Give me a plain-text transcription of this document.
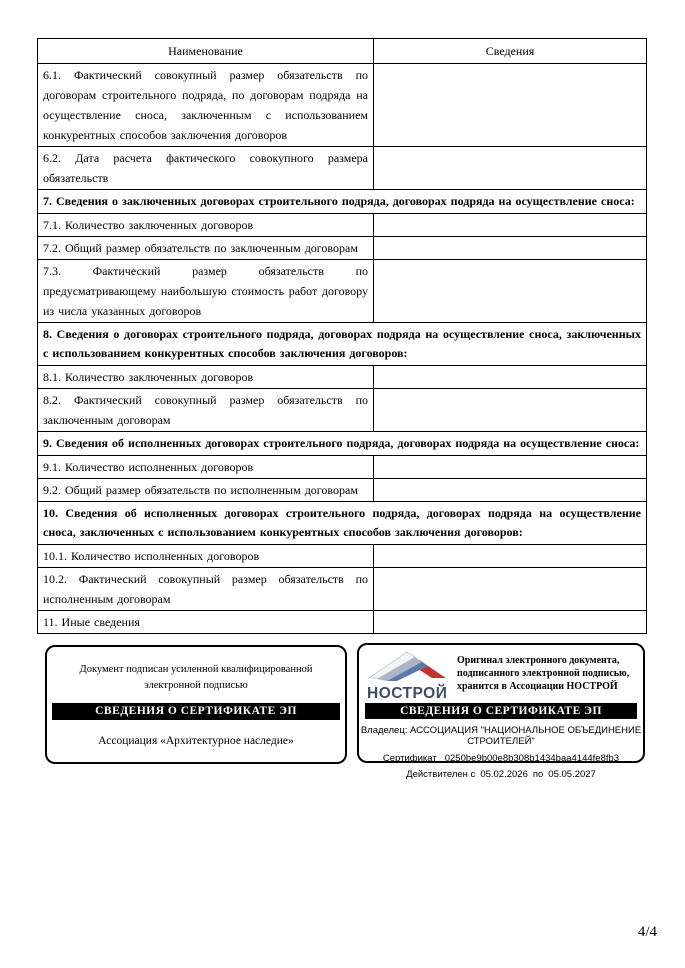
Наименование	Сведения
6.1. Фактический совокупный размер обязательств по договорам строительного подряда, по договорам подряда на осуществление сноса, заключенным с использованием конкурентных способов заключения договоров	
6.2. Дата расчета фактического совокупного размера обязательств	
7. Сведения о заключенных договорах строительного подряда, договорах подряда на осуществление сноса:	
7.1. Количество заключенных договоров	
7.2. Общий размер обязательств по заключенным договорам	
7.3. Фактический размер обязательств по предусматривающему наибольшую стоимость работ договору из числа указанных договоров	
8. Сведения о договорах строительного подряда, договорах подряда на осуществление сноса, заключенных с использованием конкурентных способов заключения договоров:	
8.1. Количество заключенных договоров	
8.2. Фактический совокупный размер обязательств по заключенным договорам	
9. Сведения об исполненных договорах строительного подряда, договорах подряда на осуществление сноса:	
9.1. Количество исполненных договоров	
9.2. Общий размер обязательств по исполненным договорам	
10. Сведения об исполненных договорах строительного подряда, договорах подряда на осуществление сноса, заключенных с использованием конкурентных способов заключения договоров:	
10.1. Количество исполненных договоров	
10.2. Фактический совокупный размер обязательств по исполненным договорам	
11. Иные сведения	
Документ подписан усиленной квалифицированной электронной подписью
СВЕДЕНИЯ О СЕРТИФИКАТЕ ЭП
Ассоциация «Архитектурное наследие»
НОСТРОЙ
Оригинал электронного документа, подписанного электронной подписью, хранится в Ассоциации НОСТРОЙ
СВЕДЕНИЯ О СЕРТИФИКАТЕ ЭП
Владелец: АССОЦИАЦИЯ "НАЦИОНАЛЬНОЕ ОБЪЕДИНЕНИЕ СТРОИТЕЛЕЙ"
Сертификат 0250be9b00e8b308b1434baa4144fe8fb3
Действителен с 05.02.2026 по 05.05.2027
4/4
